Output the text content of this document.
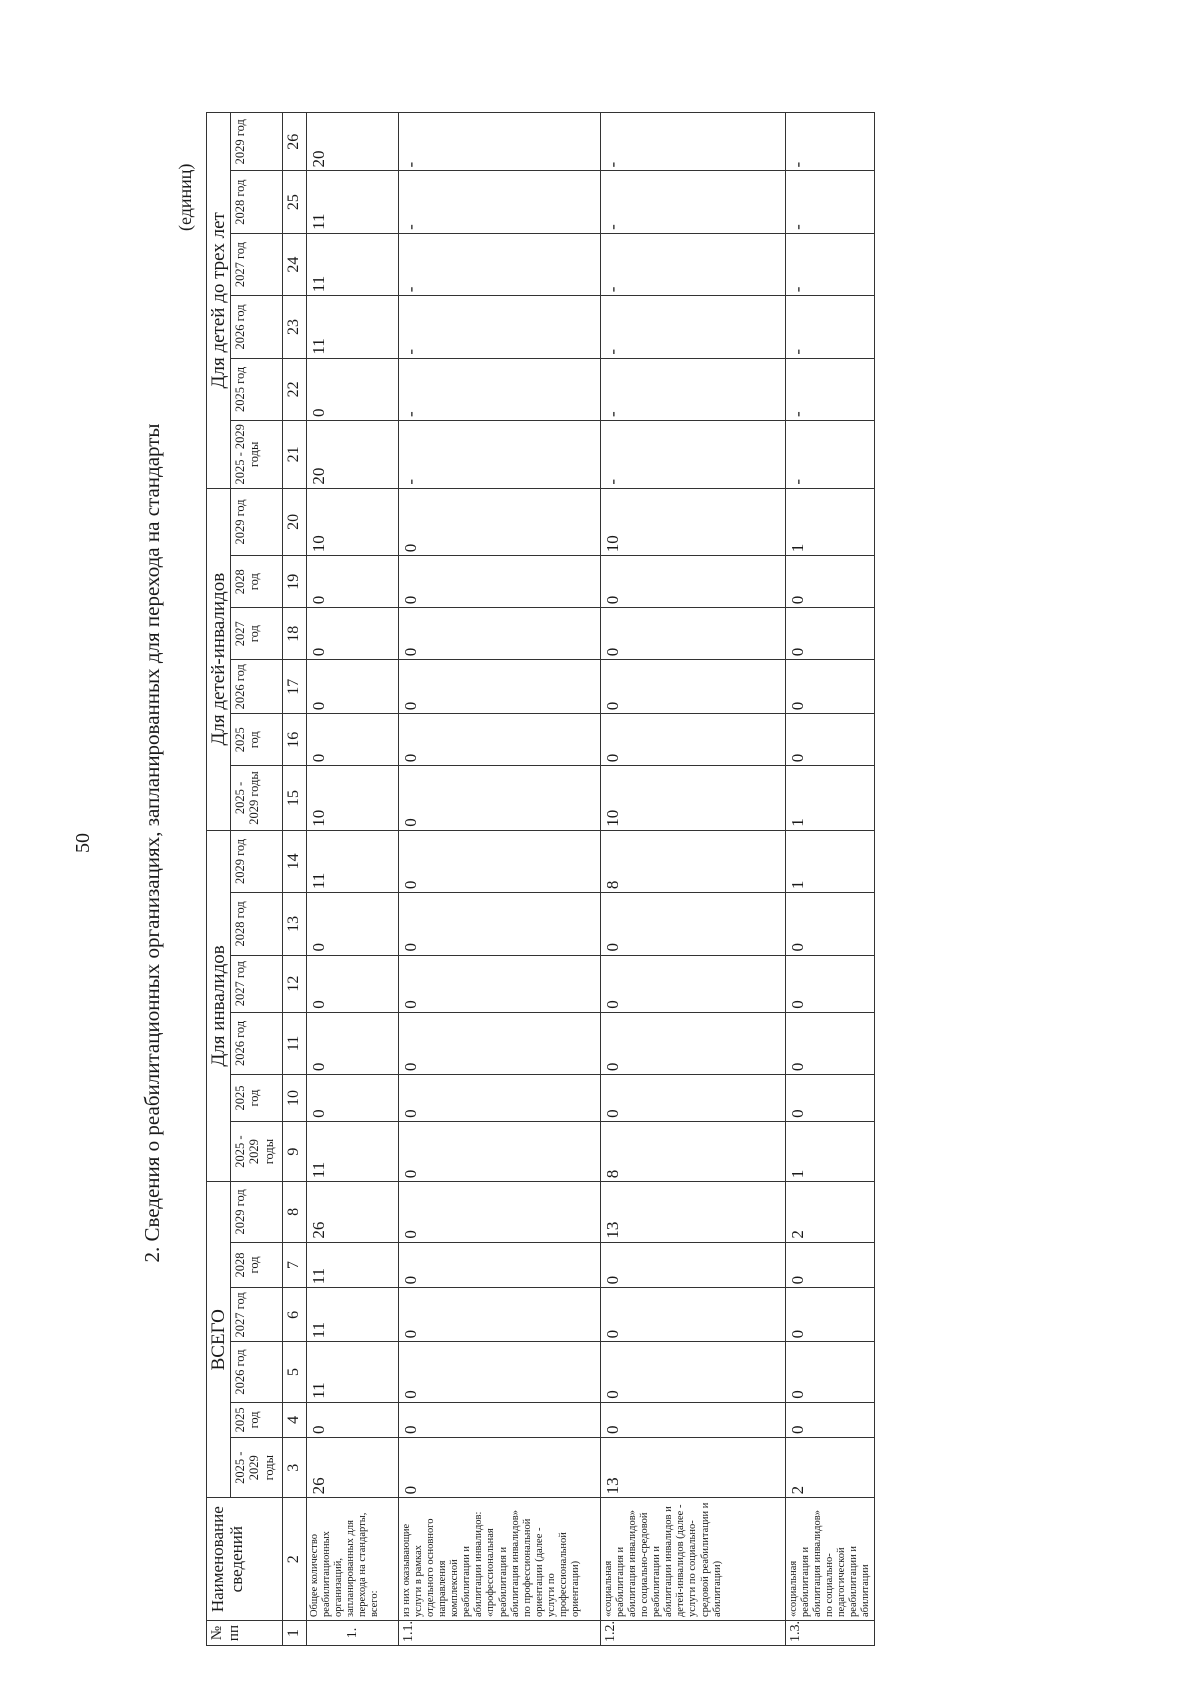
50 2. Сведения о реабилитационных организациях, запланированных для перехода на стандарты
(единиц)
№ пп	Наименование сведений	ВСЕГО						Для инвалидов						Для детей-инвалидов						Для детей до трех лет					
		2025 - 2029 годы	2025 год	2026 год	2027 год	2028 год	2029 год	2025 - 2029 годы	2025 год	2026 год	2027 год	2028 год	2029 год	2025 - 2029 годы	2025 год	2026 год	2027 год	2028 год	2029 год	2025 - 2029 годы	2025 год	2026 год	2027 год	2028 год	2029 год
1	2	3	4	5	6	7	8	9	10	11	12	13	14	15	16	17	18	19	20	21	22	23	24	25	26
1.	Общее количество реабилитационных организаций, запланированных для перехода на стандарты, всего:	26	0	11	11	11	26	11	0	0	0	0	11	10	0	0	0	0	10	20	0	11	11	11	20
1.1.	из них оказывающие услуги в рамках отдельного основного направления комплексной реабилитации и абилитации инвалидов: «профессиональная реабилитация и абилитация инвалидов» по профессиональной ориентации (далее - услуги по профессиональной ориентации)	0	0	0	0	0	0	0	0	0	0	0	0	0	0	0	0	0	0	-	-	-	-	-	-
1.2.	«социальная реабилитация и абилитация инвалидов» по социально-средовой реабилитации и абилитации инвалидов и детей-инвалидов (далее - услуги по социально-средовой реабилитации и абилитации)	13	0	0	0	0	13	8	0	0	0	0	8	10	0	0	0	0	10	-	-	-	-	-	-
1.3.	«социальная реабилитация и абилитация инвалидов» по социально-педагогической реабилитации и абилитации	2	0	0	0	0	2	1	0	0	0	0	1	1	0	0	0	0	1	-	-	-	-	-	-
